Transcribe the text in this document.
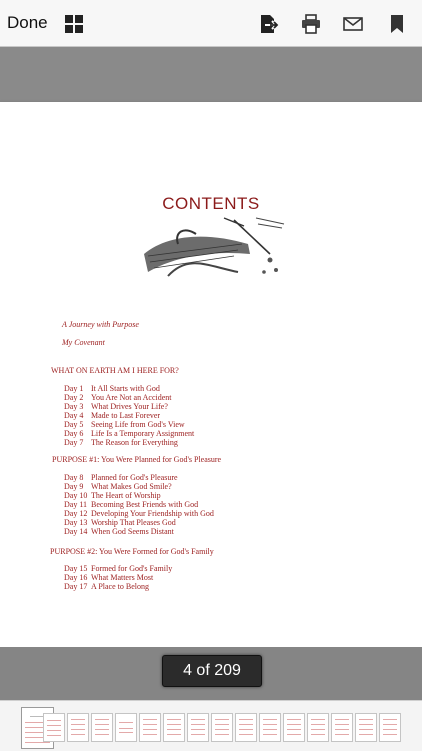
Done
CONTENTS
A Journey with Purpose
My Covenant
WHAT ON EARTH AM I HERE FOR?
Day 1 It All Starts with God
Day 2 You Are Not an Accident
Day 3 What Drives Your Life?
Day 4 Made to Last Forever
Day 5 Seeing Life from God's View
Day 6 Life Is a Temporary Assignment
Day 7 The Reason for Everything
PURPOSE #1: You Were Planned for God's Pleasure
Day 8 Planned for God's Pleasure
Day 9 What Makes God Smile?
Day 10 The Heart of Worship
Day 11 Becoming Best Friends with God
Day 12 Developing Your Friendship with God
Day 13 Worship That Pleases God
Day 14 When God Seems Distant
PURPOSE #2: You Were Formed for God's Family
Day 15 Formed for God's Family
Day 16 What Matters Most
Day 17 A Place to Belong
4 of 209
